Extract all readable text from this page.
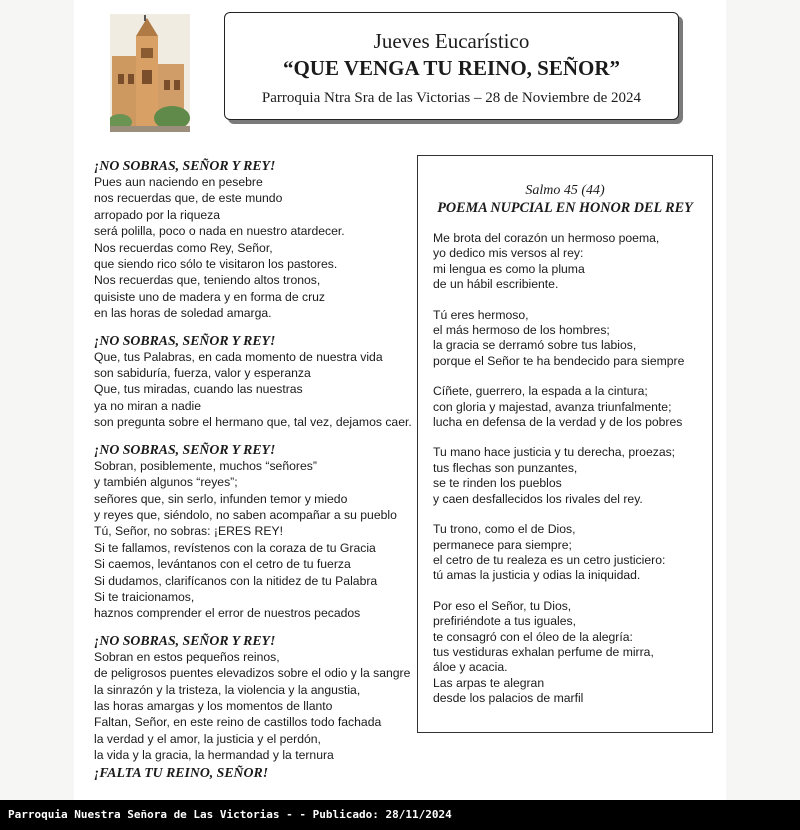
Jueves Eucarístico
“QUE VENGA TU REINO, SEÑOR”
Parroquia Ntra Sra de las Victorias – 28 de Noviembre de 2024
¡NO SOBRAS, SEÑOR Y REY!
Pues aun naciendo en pesebre
nos recuerdas que, de este mundo
arropado por la riqueza
será polilla, poco o nada en nuestro atardecer.
Nos recuerdas como Rey, Señor,
que siendo rico sólo te visitaron los pastores.
Nos recuerdas que, teniendo altos tronos,
quisiste uno de madera y en forma de cruz
en las horas de soledad amarga.
¡NO SOBRAS, SEÑOR Y REY!
Que, tus Palabras, en cada momento de nuestra vida
son sabiduría, fuerza, valor y esperanza
Que, tus miradas, cuando las nuestras
ya no miran a nadie
son pregunta sobre el hermano que, tal vez, dejamos caer.
¡NO SOBRAS, SEÑOR Y REY!
Sobran, posiblemente, muchos “señores”
y también algunos “reyes”;
señores que, sin serlo, infunden temor y miedo
y reyes que, siéndolo, no saben acompañar a su pueblo
Tú, Señor, no sobras: ¡ERES REY!
Si te fallamos, revístenos con la coraza de tu Gracia
Si caemos, levántanos con el cetro de tu fuerza
Si dudamos, clarifícanos con la nitidez de tu Palabra
Si te traicionamos,
haznos comprender el error de nuestros pecados
¡NO SOBRAS, SEÑOR Y REY!
Sobran en estos pequeños reinos,
de peligrosos puentes elevadizos sobre el odio y la sangre
la sinrazón y la tristeza, la violencia y la angustia,
las horas amargas y los momentos de llanto
Faltan, Señor, en este reino de castillos todo fachada
la verdad y el amor, la justicia y el perdón,
la vida y la gracia, la hermandad y la ternura
¡FALTA TU REINO, SEÑOR!
Salmo 45 (44)
POEMA NUPCIAL EN HONOR DEL REY
Me brota del corazón un hermoso poema,
yo dedico mis versos al rey:
mi lengua es como la pluma
de un hábil escribiente.
Tú eres hermoso,
el más hermoso de los hombres;
la gracia se derramó sobre tus labios,
porque el Señor te ha bendecido para siempre
Cíñete, guerrero, la espada a la cintura;
con gloria y majestad, avanza triunfalmente;
lucha en defensa de la verdad y de los pobres
Tu mano hace justicia y tu derecha, proezas;
tus flechas son punzantes,
se te rinden los pueblos
y caen desfallecidos los rivales del rey.
Tu trono, como el de Dios,
permanece para siempre;
el cetro de tu realeza es un cetro justiciero:
tú amas la justicia y odias la iniquidad.
Por eso el Señor, tu Dios,
prefiriéndote a tus iguales,
te consagró con el óleo de la alegría:
tus vestiduras exhalan perfume de mirra,
áloe y acacia.
Las arpas te alegran
desde los palacios de marfil
Parroquia Nuestra Señora de Las Victorias - - Publicado: 28/11/2024
